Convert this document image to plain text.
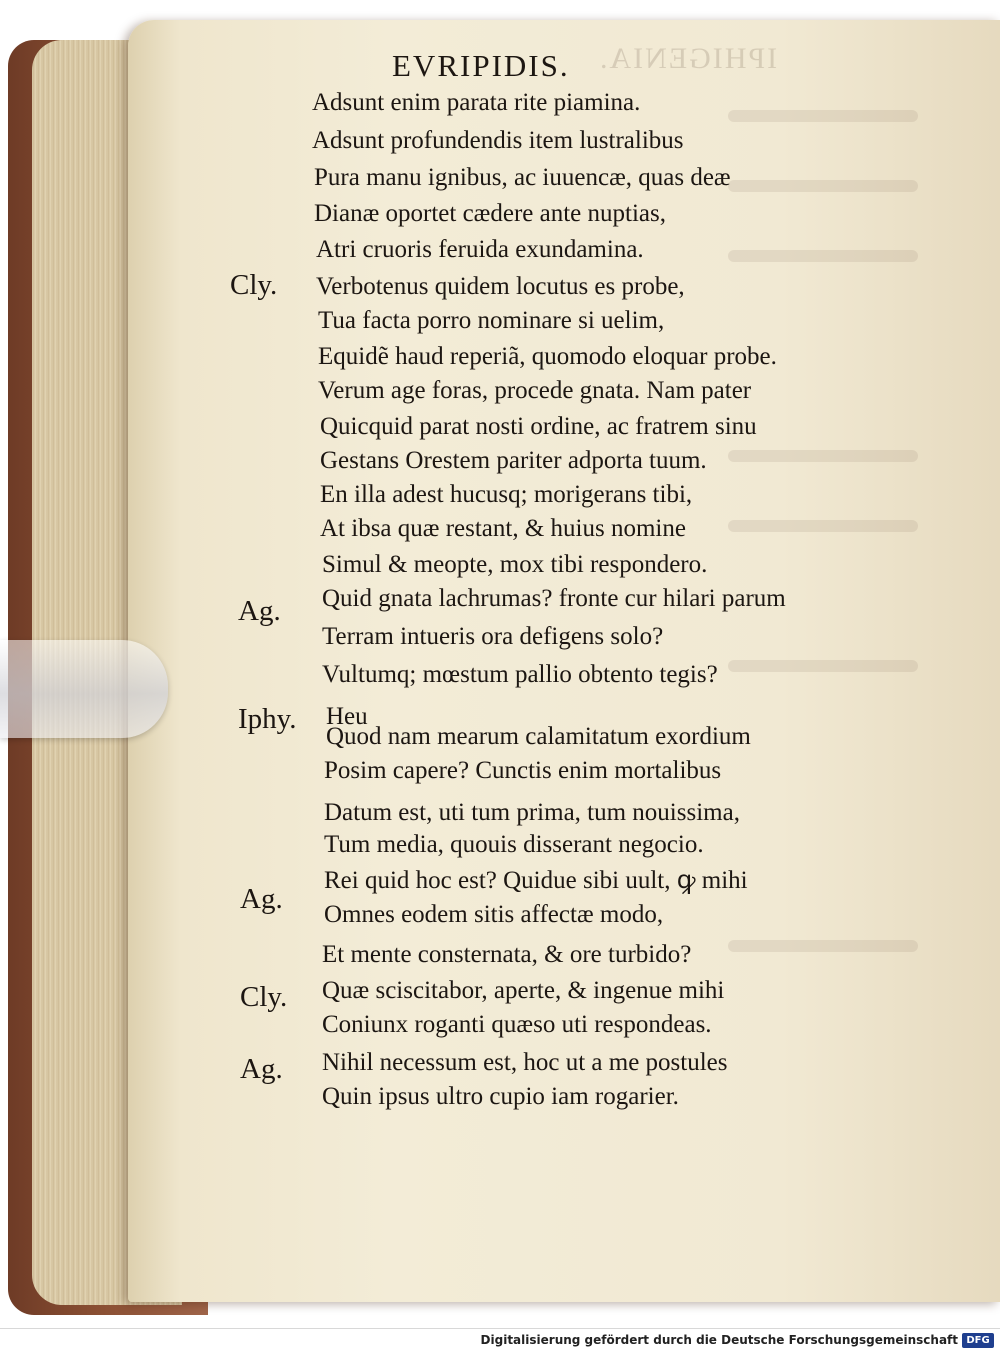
IPHIGENIA.
EVRIPIDIS.
Adsunt enim parata rite piamina.
Adsunt profundendis item lustralibus
Pura manu ignibus, ac iuuencæ, quas deæ
Dianæ oportet cædere ante nuptias,
Atri cruoris feruida exundamina.
Verbotenus quidem locutus es probe,
Tua facta porro nominare si uelim,
Equidẽ haud reperiã, quomodo eloquar probe.
Verum age foras, procede gnata. Nam pater
Quicquid parat nosti ordine, ac fratrem sinu
Gestans Orestem pariter adporta tuum.
En illa adest hucusq; morigerans tibi,
At ibsa quæ restant, & huius nomine
Simul & meopte, mox tibi respondero.
Quid gnata lachrumas? fronte cur hilari parum
Terram intueris ora defigens solo?
Vultumq; mœstum pallio obtento tegis?
Heu
Quod nam mearum calamitatum exordium
Posim capere? Cunctis enim mortalibus
Datum est, uti tum prima, tum nouissima,
Tum media, quouis disserant negocio.
Rei quid hoc est? Quidue sibi uult, ꝙ mihi
Omnes eodem sitis affectæ modo,
Et mente consternata, & ore turbido?
Quæ sciscitabor, aperte, & ingenue mihi
Coniunx roganti quæso uti respondeas.
Nihil necessum est, hoc ut a me postules
Quin ipsus ultro cupio iam rogarier.
Cly.
Ag.
Iphy.
Ag.
Cly.
Ag.
Digitalisierung gefördert durch die Deutsche Forschungsgemeinschaft DFG
